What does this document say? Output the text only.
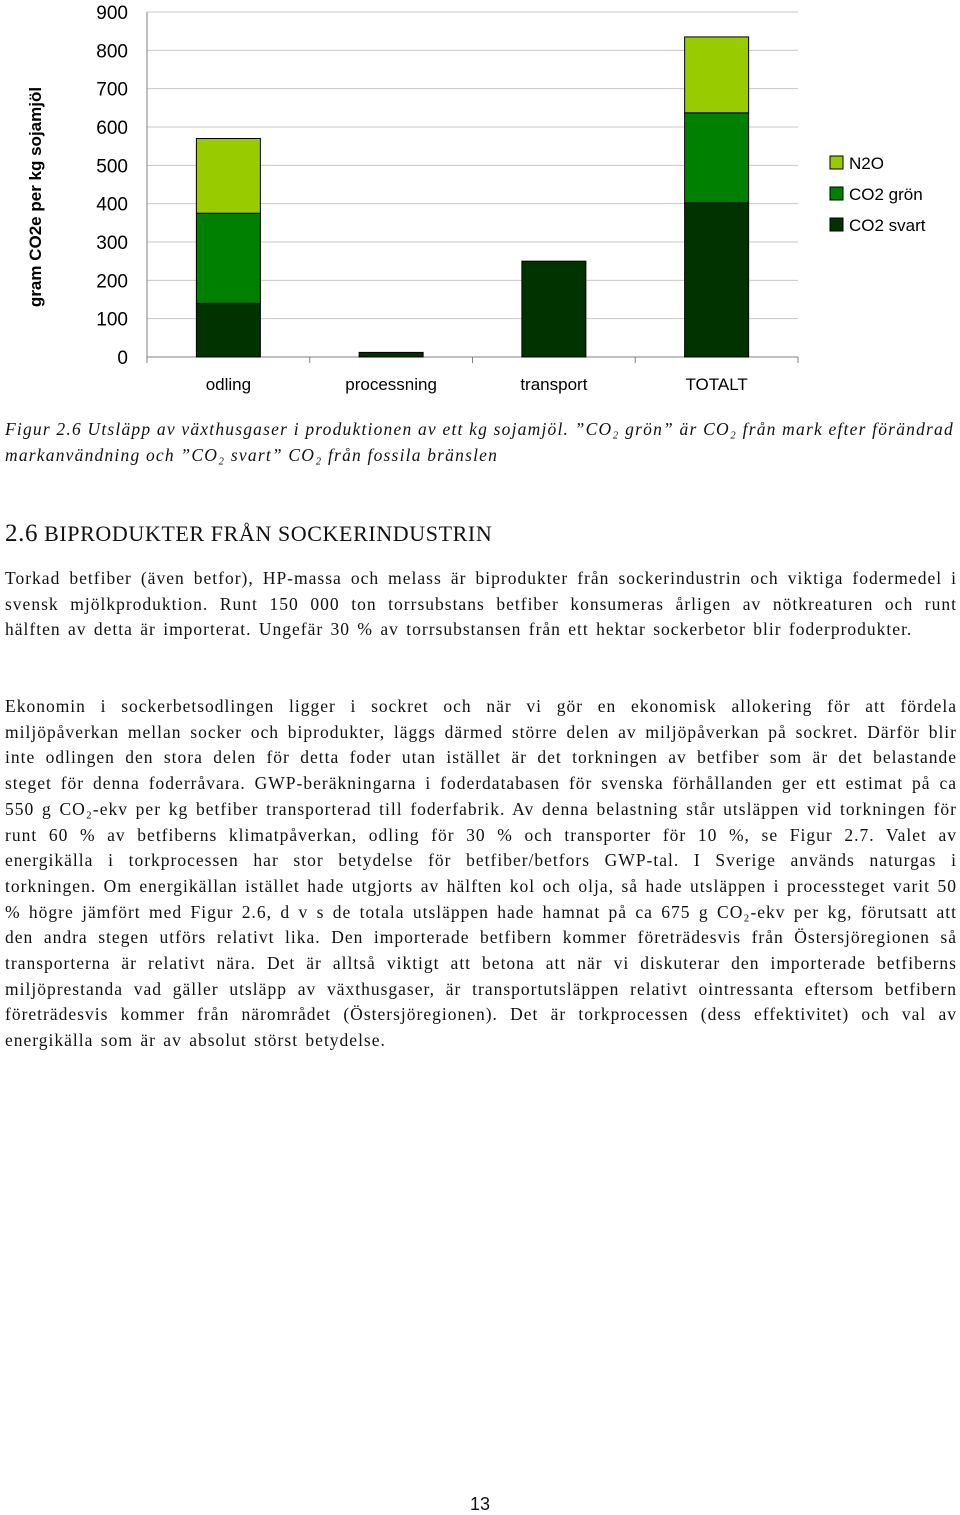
gram CO2e per kg sojamjöl
0
100
200
300
400
500
600
700
800
900
odling	processning	transport	TOTALT
N2O
CO2 grön
CO2 svart
Figur 2.6 Utsläpp av växthusgaser i produktionen av ett kg sojamjöl. ”CO₂ grön” är CO₂ från mark efter förändrad markanvändning och ”CO₂ svart” CO₂ från fossila bränslen
2.6 BIPRODUKTER FRÅN SOCKERINDUSTRIN
Torkad betfiber (även betfor), HP-massa och melass är biprodukter från sockerindustrin och viktiga fodermedel i svensk mjölkproduktion. Runt 150 000 ton torrsubstans betfiber konsumeras årligen av nötkreaturen och runt hälften av detta är importerat. Ungefär 30 % av torrsubstansen från ett hektar sockerbetor blir foderprodukter.
Ekonomin i sockerbetsodlingen ligger i sockret och när vi gör en ekonomisk allokering för att fördela miljöpåverkan mellan socker och biprodukter, läggs därmed större delen av miljöpåverkan på sockret. Därför blir inte odlingen den stora delen för detta foder utan istället är det torkningen av betfiber som är det belastande steget för denna foderråvara. GWP-beräkningarna i foderdatabasen för svenska förhållanden ger ett estimat på ca 550 g CO₂-ekv per kg betfiber transporterad till foderfabrik. Av denna belastning står utsläppen vid torkningen för runt 60 % av betfiberns klimatpåverkan, odling för 30 % och transporter för 10 %, se Figur 2.7. Valet av energikälla i torkprocessen har stor betydelse för betfiber/betfors GWP-tal. I Sverige används naturgas i torkningen. Om energikällan istället hade utgjorts av hälften kol och olja, så hade utsläppen i processteget varit 50 % högre jämfört med Figur 2.6, d v s de totala utsläppen hade hamnat på ca 675 g CO₂-ekv per kg, förutsatt att den andra stegen utförs relativt lika. Den importerade betfibern kommer företrädesvis från Östersjöregionen så transporterna är relativt nära. Det är alltså viktigt att betona att när vi diskuterar den importerade betfiberns miljöprestanda vad gäller utsläpp av växthusgaser, är transportutsläppen relativt ointressanta eftersom betfibern företrädesvis kommer från närområdet (Östersjöregionen). Det är torkprocessen (dess effektivitet) och val av energikälla som är av absolut störst betydelse.
13
